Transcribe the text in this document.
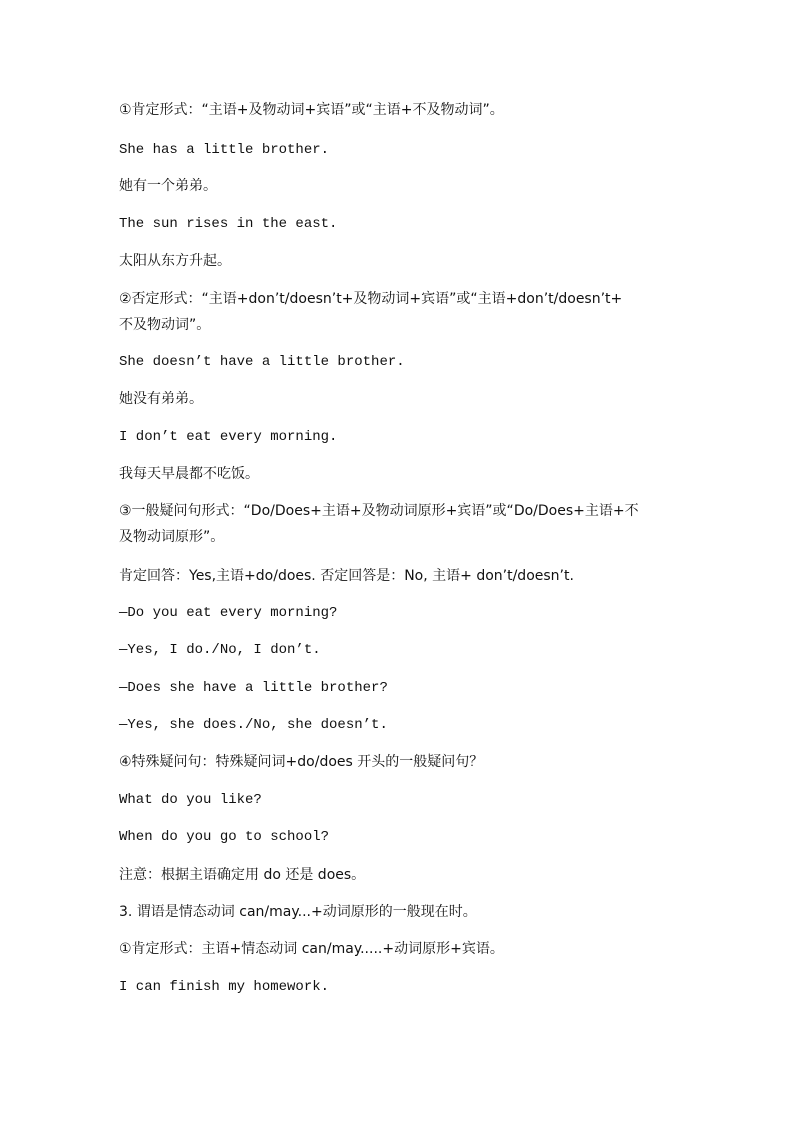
①肯定形式：“主语+及物动词+宾语”或“主语+不及物动词”。
She has a little brother.
她有一个弟弟。
The sun rises in the east.
太阳从东方升起。
②否定形式：“主语+don’t/doesn’t+及物动词+宾语”或“主语+don’t/doesn’t+
不及物动词”。
She doesn’t have a little brother.
她没有弟弟。
I don’t eat every morning.
我每天早晨都不吃饭。
③一般疑问句形式：“Do/Does+主语+及物动词原形+宾语”或“Do/Does+主语+不
及物动词原形”。
肯定回答：Yes,主语+do/does. 否定回答是：No, 主语+ don’t/doesn’t.
—Do you eat every morning?
—Yes, I do./No, I don’t.
—Does she have a little brother?
—Yes, she does./No, she doesn’t.
④特殊疑问句：特殊疑问词+do/does 开头的一般疑问句？
What do you like?
When do you go to school?
注意：根据主语确定用 do 还是 does。
3. 谓语是情态动词 can/may...+动词原形的一般现在时。
①肯定形式：主语+情态动词 can/may.....+动词原形+宾语。
I can finish my homework.
